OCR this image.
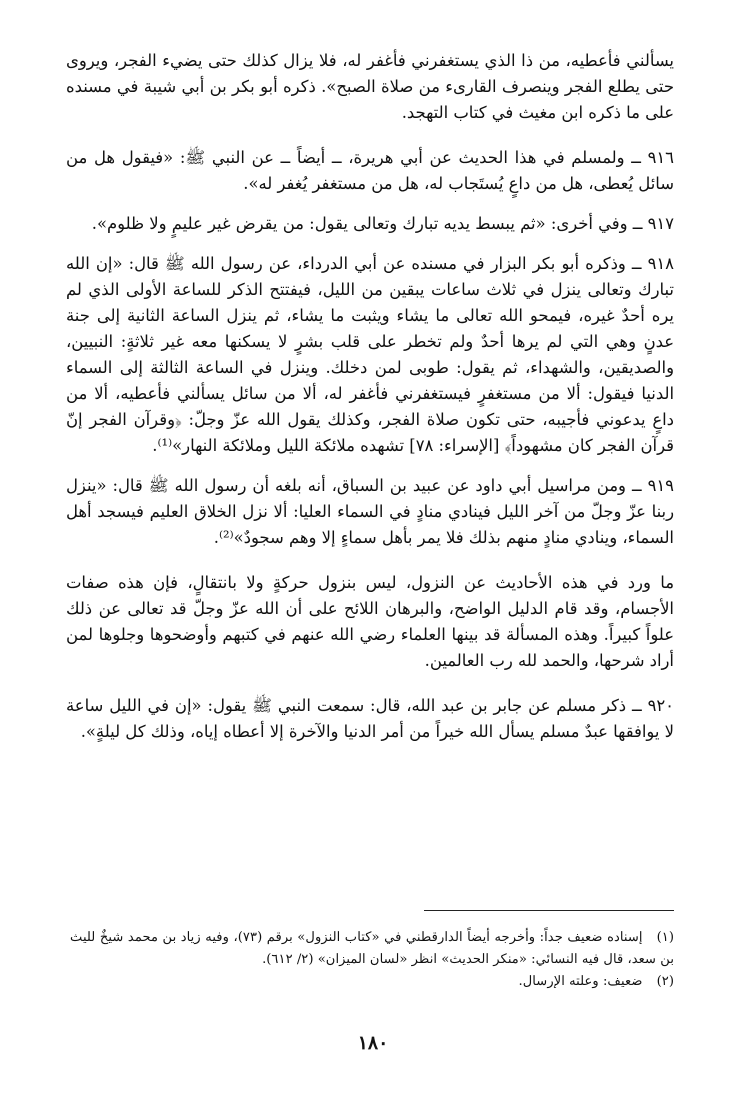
يسألني فأعطيه، من ذا الذي يستغفرني فأغفر له، فلا يزال كذلك حتى يضيء الفجر، ويروى حتى يطلع الفجر وينصرف القارىء من صلاة الصبح». ذكره أبو بكر بن أبي شيبة في مسنده على ما ذكره ابن مغيث في كتاب التهجد.

٩١٦ ــ ولمسلم في هذا الحديث عن أبي هريرة، ــ أيضاً ــ عن النبي ﷺ: «فيقول هل من سائل يُعطى، هل من داعٍ يُستَجاب له، هل من مستغفر يُغفر له».

٩١٧ ــ وفي أخرى: «ثم يبسط يديه تبارك وتعالى يقول: من يقرض غير عليمٍ ولا ظلوم».

٩١٨ ــ وذكره أبو بكر البزار في مسنده عن أبي الدرداء، عن رسول الله ﷺ قال: «إن الله تبارك وتعالى ينزل في ثلاث ساعات يبقين من الليل، فيفتتح الذكر للساعة الأولى الذي لم يره أحدٌ غيره، فيمحو الله تعالى ما يشاء ويثبت ما يشاء، ثم ينزل الساعة الثانية إلى جنة عدنٍ وهي التي لم يرها أحدٌ ولم تخطر على قلب بشرٍ لا يسكنها معه غير ثلاثةٍ: النبيين، والصديقين، والشهداء، ثم يقول: طوبى لمن دخلك. وينزل في الساعة الثالثة إلى السماء الدنيا فيقول: ألا من مستغفرٍ فيستغفرني فأغفر له، ألا من سائل يسألني فأعطيه، ألا من داعٍ يدعوني فأجيبه، حتى تكون صلاة الفجر، وكذلك يقول الله عزّ وجلّ: ﴿وقرآن الفجر إنّ قرآن الفجر كان مشهوداً﴾ [الإسراء: ٧٨] تشهده ملائكة الليل وملائكة النهار»⁽¹⁾.

٩١٩ ــ ومن مراسيل أبي داود عن عبيد بن السباق، أنه بلغه أن رسول الله ﷺ قال: «ينزل ربنا عزّ وجلّ من آخر الليل فينادي منادٍ في السماء العليا: ألا نزل الخلاق العليم فيسجد أهل السماء، وينادي منادٍ منهم بذلك فلا يمر بأهل سماءٍ إلا وهم سجودٌ»⁽²⁾.

ما ورد في هذه الأحاديث عن النزول، ليس بنزول حركةٍ ولا بانتقالٍ، فإن هذه صفات الأجسام، وقد قام الدليل الواضح، والبرهان اللائح على أن الله عزّ وجلّ قد تعالى عن ذلك علواً كبيراً. وهذه المسألة قد بينها العلماء رضي الله عنهم في كتبهم وأوضحوها وجلوها لمن أراد شرحها، والحمد لله رب العالمين.

٩٢٠ ــ ذكر مسلم عن جابر بن عبد الله، قال: سمعت النبي ﷺ يقول: «إن في الليل ساعة لا يوافقها عبدٌ مسلم يسأل الله خيراً من أمر الدنيا والآخرة إلا أعطاه إياه، وذلك كل ليلةٍ».

(١)إسناده ضعيف جداً: وأخرجه أيضاً الدارقطني في «كتاب النزول» برقم (٧٣)، وفيه زياد بن محمد شيخٌ لليث بن سعد، قال فيه النسائي: «منكر الحديث» انظر «لسان الميزان» (٢/ ٦١٢).

(٢)ضعيف: وعلته الإرسال.

١٨٠
